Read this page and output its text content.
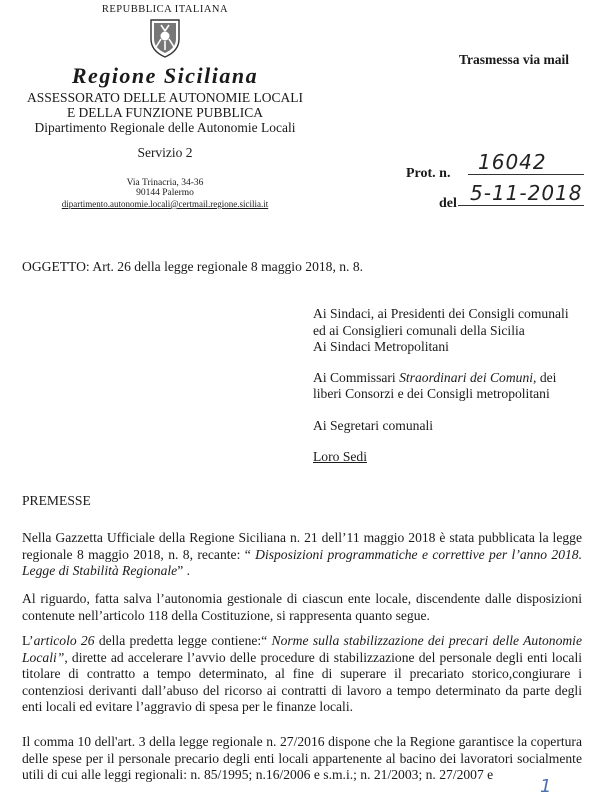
REPUBBLICA ITALIANA
Regione Siciliana
ASSESSORATO DELLE AUTONOMIE LOCALI
E DELLA FUNZIONE PUBBLICA
Dipartimento Regionale delle Autonomie Locali
Servizio 2
Via Trinacria, 34-36
90144 Palermo
dipartimento.autonomie.locali@certmail.regione.sicilia.it
Trasmessa via mail
Prot. n.	16042
del 5-11-2018
OGGETTO: Art. 26 della legge regionale 8 maggio 2018, n. 8.
Ai Sindaci, ai Presidenti dei Consigli comunali
ed ai Consiglieri comunali della Sicilia
Ai Sindaci Metropolitani
Ai Commissari Straordinari dei Comuni, dei
liberi Consorzi e dei Consigli metropolitani
Ai Segretari comunali
Loro Sedi
PREMESSE
Nella Gazzetta Ufficiale della Regione Siciliana n. 21 dell’11 maggio 2018 è stata pubblicata la legge regionale 8 maggio 2018, n. 8, recante: “ Disposizioni programmatiche e correttive per l’anno 2018. Legge di Stabilità Regionale” .
Al riguardo, fatta salva l’autonomia gestionale di ciascun ente locale, discendente dalle disposizioni contenute nell’articolo 118 della Costituzione, si rappresenta quanto segue.
L’articolo 26 della predetta legge contiene:“ Norme sulla stabilizzazione dei precari delle Autonomie Locali”, dirette ad accelerare l’avvio delle procedure di stabilizzazione del personale degli enti locali titolare di contratto a tempo determinato, al fine di superare il precariato storico,congiurare i contenziosi derivanti dall’abuso del ricorso ai contratti di lavoro a tempo determinato da parte degli enti locali ed evitare l’aggravio di spesa per le finanze locali.
Il comma 10 dell'art. 3 della legge regionale n. 27/2016 dispone che la Regione garantisce la copertura delle spese per il personale precario degli enti locali appartenente al bacino dei lavoratori socialmente utili di cui alle leggi regionali: n. 85/1995; n.16/2006 e s.m.i.; n. 21/2003; n. 27/2007 e
1
